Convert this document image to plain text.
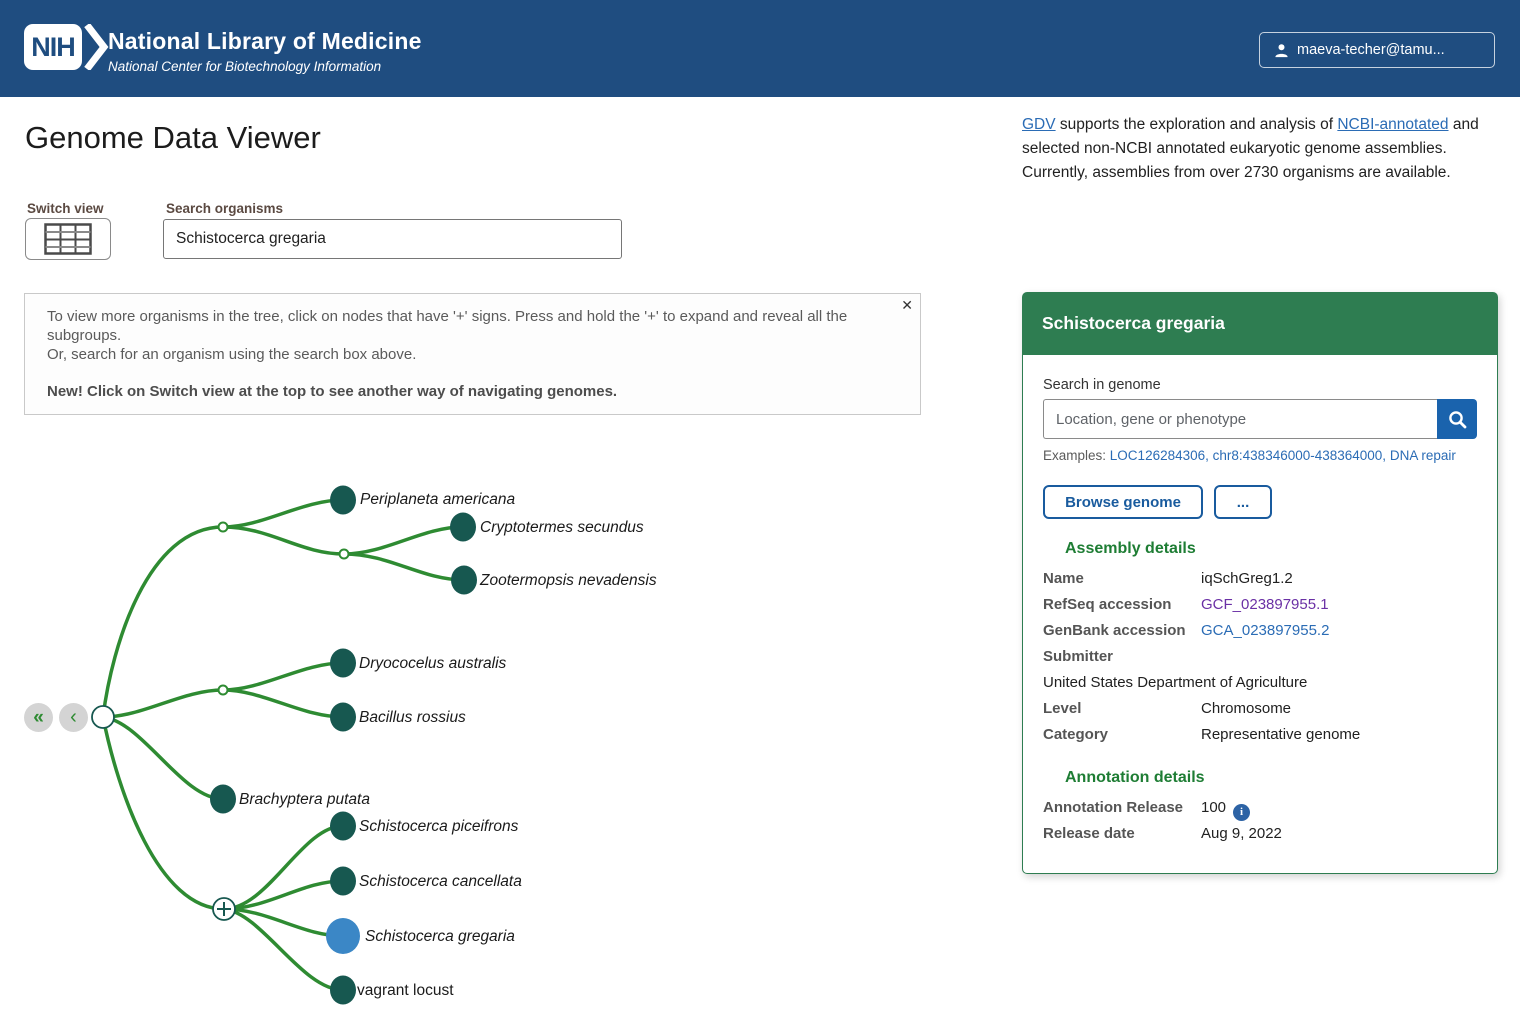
NIH	National Library of Medicine
National Center for Biotechnology Information
maeva-techer@tamu...
Genome Data Viewer
Switch view	Search organisms
Schistocerca gregaria
✕
To view more organisms in the tree, click on nodes that have '+' signs. Press and hold the '+' to expand and reveal all the subgroups.
Or, search for an organism using the search box above.
New! Click on Switch view at the top to see another way of navigating genomes.
«	‹
Periplaneta americana
Cryptotermes secundus
Zootermopsis nevadensis
Dryococelus australis
Bacillus rossius
Brachyptera putata
Schistocerca piceifrons
Schistocerca cancellata
Schistocerca gregaria
vagrant locust

GDV supports the exploration and analysis of NCBI-annotated and selected non-NCBI annotated eukaryotic genome assemblies. Currently, assemblies from over 2730 organisms are available.

Schistocerca gregaria
Search in genome
Location, gene or phenotype
Examples: LOC126284306, chr8:438346000-438364000, DNA repair
Browse genome	...
Assembly details
Name	iqSchGreg1.2
RefSeq accession	GCF_023897955.1
GenBank accession	GCA_023897955.2
Submitter
United States Department of Agriculture
Level	Chromosome
Category	Representative genome
Annotation details
Annotation Release	100 i
Release date	Aug 9, 2022
